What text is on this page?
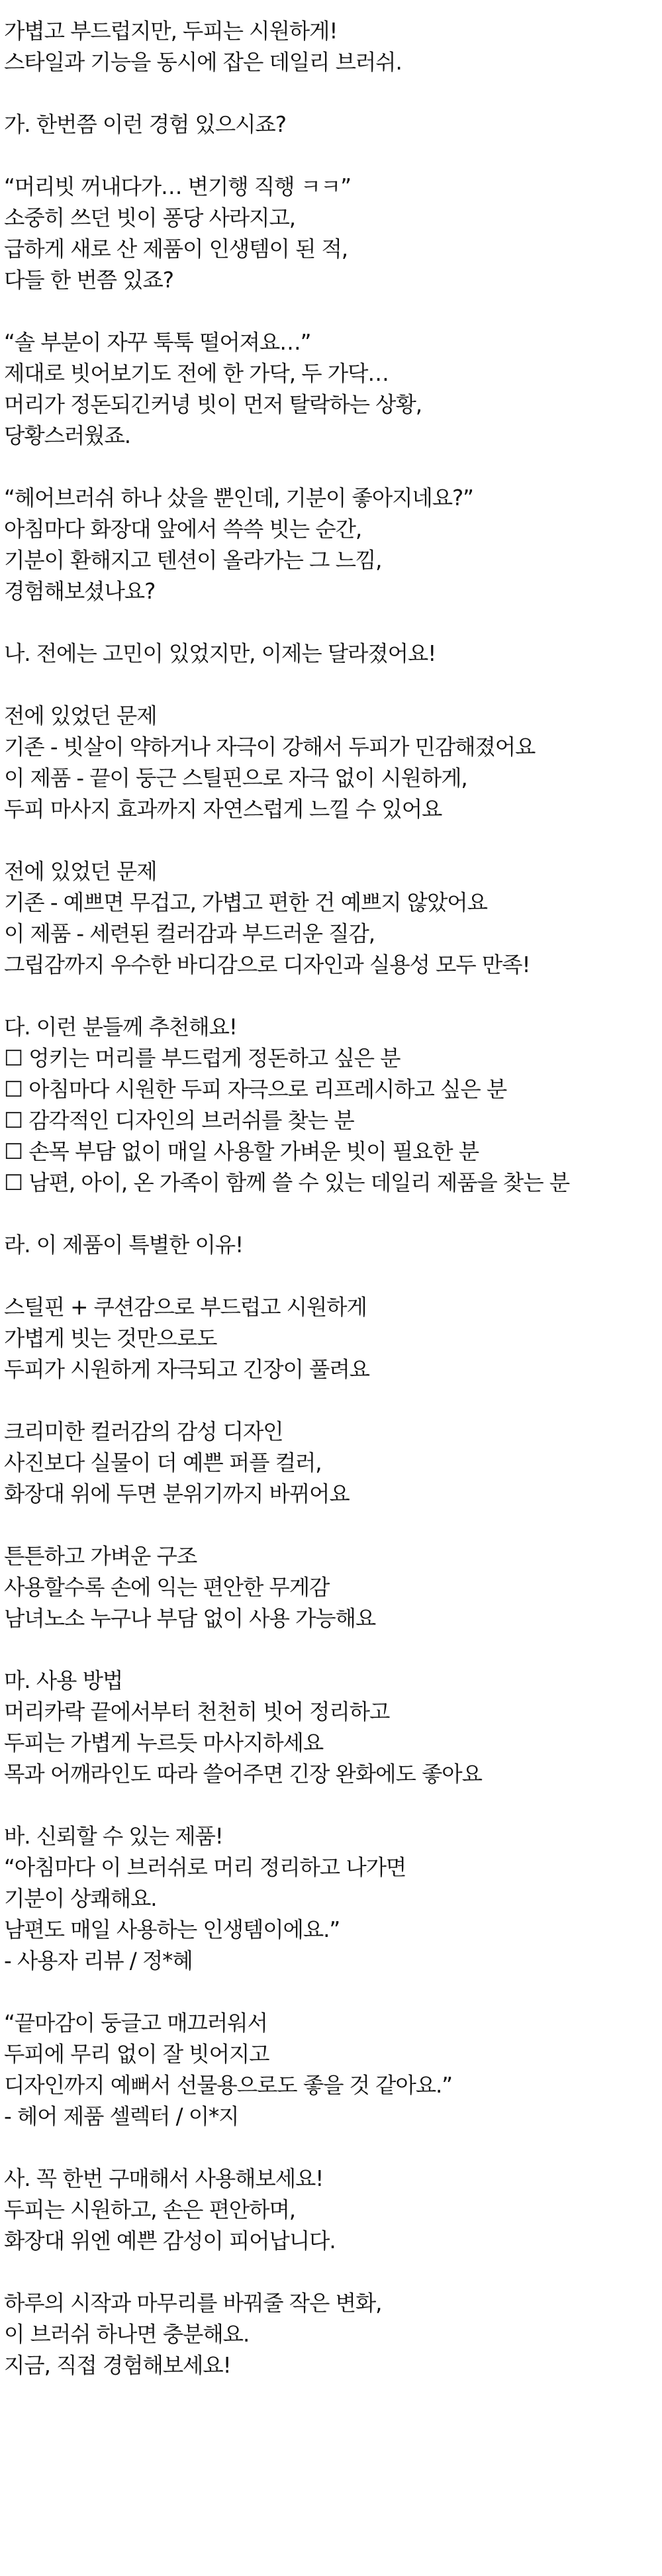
가볍고 부드럽지만, 두피는 시원하게!
스타일과 기능을 동시에 잡은 데일리 브러쉬.
가. 한번쯤 이런 경험 있으시죠?
“머리빗 꺼내다가… 변기행 직행 ㅋㅋ”
소중히 쓰던 빗이 퐁당 사라지고,
급하게 새로 산 제품이 인생템이 된 적,
다들 한 번쯤 있죠?
“솔 부분이 자꾸 툭툭 떨어져요…”
제대로 빗어보기도 전에 한 가닥, 두 가닥…
머리가 정돈되긴커녕 빗이 먼저 탈락하는 상황,
당황스러웠죠.
“헤어브러쉬 하나 샀을 뿐인데, 기분이 좋아지네요?”
아침마다 화장대 앞에서 쓱쓱 빗는 순간,
기분이 환해지고 텐션이 올라가는 그 느낌,
경험해보셨나요?
나. 전에는 고민이 있었지만, 이제는 달라졌어요!
전에 있었던 문제
기존 - 빗살이 약하거나 자극이 강해서 두피가 민감해졌어요
이 제품 - 끝이 둥근 스틸핀으로 자극 없이 시원하게,
두피 마사지 효과까지 자연스럽게 느낄 수 있어요
전에 있었던 문제
기존 - 예쁘면 무겁고, 가볍고 편한 건 예쁘지 않았어요
이 제품 - 세련된 컬러감과 부드러운 질감,
그립감까지 우수한 바디감으로 디자인과 실용성 모두 만족!
다. 이런 분들께 추천해요!
☐ 엉키는 머리를 부드럽게 정돈하고 싶은 분
☐ 아침마다 시원한 두피 자극으로 리프레시하고 싶은 분
☐ 감각적인 디자인의 브러쉬를 찾는 분
☐ 손목 부담 없이 매일 사용할 가벼운 빗이 필요한 분
☐ 남편, 아이, 온 가족이 함께 쓸 수 있는 데일리 제품을 찾는 분
라. 이 제품이 특별한 이유!
스틸핀 + 쿠션감으로 부드럽고 시원하게
가볍게 빗는 것만으로도
두피가 시원하게 자극되고 긴장이 풀려요
크리미한 컬러감의 감성 디자인
사진보다 실물이 더 예쁜 퍼플 컬러,
화장대 위에 두면 분위기까지 바뀌어요
튼튼하고 가벼운 구조
사용할수록 손에 익는 편안한 무게감
남녀노소 누구나 부담 없이 사용 가능해요
마. 사용 방법
머리카락 끝에서부터 천천히 빗어 정리하고
두피는 가볍게 누르듯 마사지하세요
목과 어깨라인도 따라 쓸어주면 긴장 완화에도 좋아요
바. 신뢰할 수 있는 제품!
“아침마다 이 브러쉬로 머리 정리하고 나가면
기분이 상쾌해요.
남편도 매일 사용하는 인생템이에요.”
- 사용자 리뷰 / 정*혜
“끝마감이 둥글고 매끄러워서
두피에 무리 없이 잘 빗어지고
디자인까지 예뻐서 선물용으로도 좋을 것 같아요.”
- 헤어 제품 셀렉터 / 이*지
사. 꼭 한번 구매해서 사용해보세요!
두피는 시원하고, 손은 편안하며,
화장대 위엔 예쁜 감성이 피어납니다.
하루의 시작과 마무리를 바꿔줄 작은 변화,
이 브러쉬 하나면 충분해요.
지금, 직접 경험해보세요!
